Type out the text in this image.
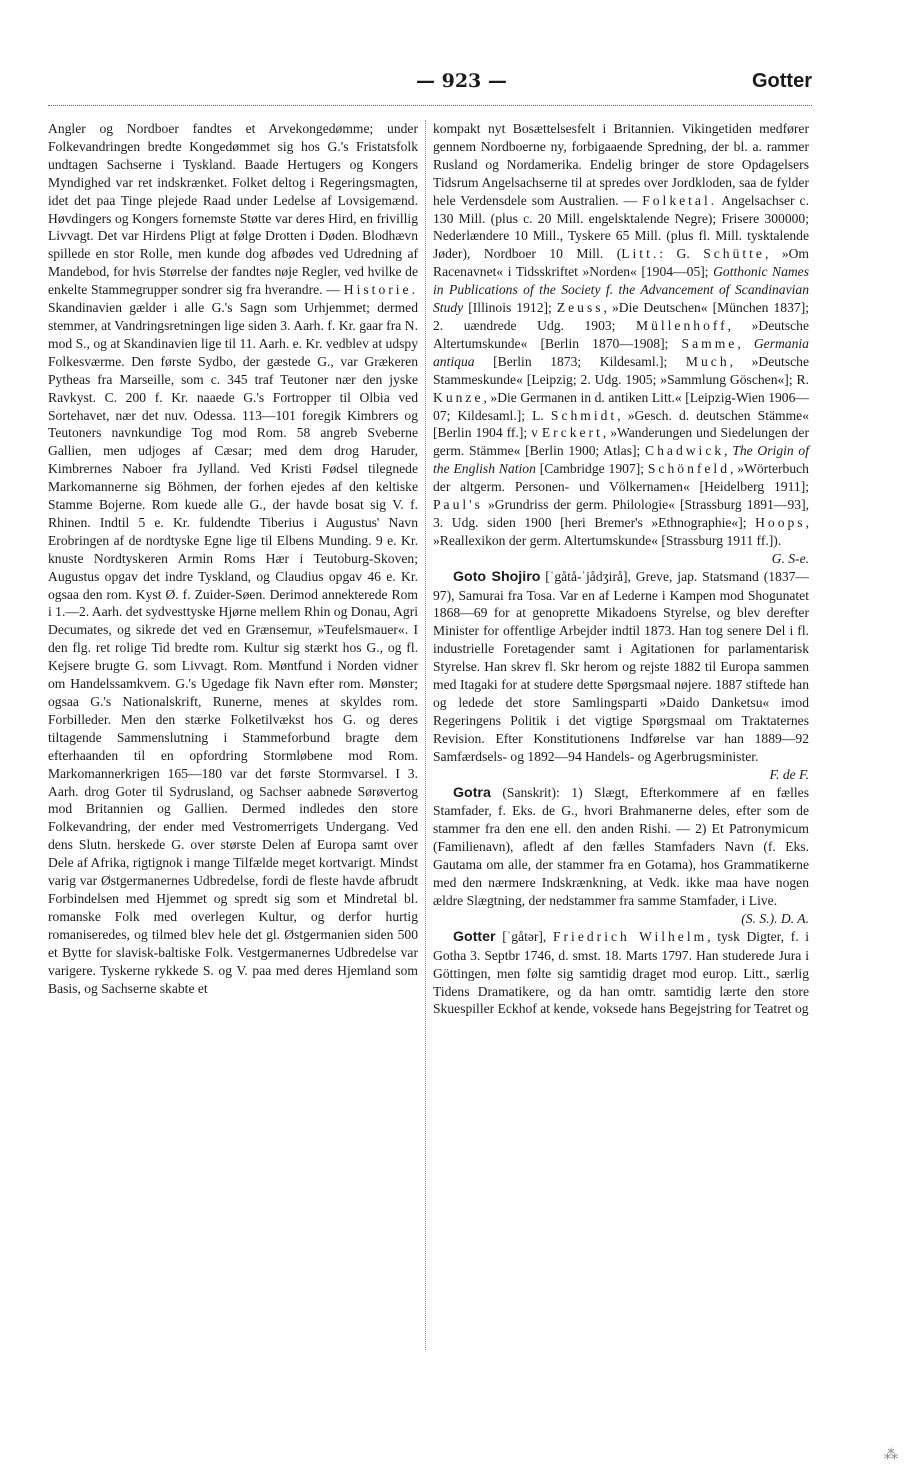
— 923 —	Gotter

Angler og Nordboer fandtes et Arvekongedømme; under Folkevandringen bredte Kongedømmet sig hos G.'s Fristatsfolk undtagen Sachserne i Tyskland. Baade Hertugers og Kongers Myndighed var ret indskrænket. Folket deltog i Regeringsmagten, idet det paa Tinge plejede Raad under Ledelse af Lovsigemænd. Høvdingers og Kongers fornemste Støtte var deres Hird, en frivillig Livvagt. Det var Hirdens Pligt at følge Drotten i Døden. Blodhævn spillede en stor Rolle, men kunde dog afbødes ved Udredning af Mandebod, for hvis Størrelse der fandtes nøje Regler, ved hvilke de enkelte Stammegrupper sondrer sig fra hverandre. — Historie. Skandinavien gælder i alle G.'s Sagn som Urhjemmet; dermed stemmer, at Vandringsretningen lige siden 3. Aarh. f. Kr. gaar fra N. mod S., og at Skandinavien lige til 11. Aarh. e. Kr. vedblev at udspy Folkesværme. Den første Sydbo, der gæstede G., var Grækeren Pytheas fra Marseille, som c. 345 traf Teutoner nær den jyske Ravkyst. C. 200 f. Kr. naaede G.'s Fortropper til Olbia ved Sortehavet, nær det nuv. Odessa. 113—101 foregik Kimbrers og Teutoners navnkundige Tog mod Rom. 58 angreb Sveberne Gallien, men udjoges af Cæsar; med dem drog Haruder, Kimbrernes Naboer fra Jylland. Ved Kristi Fødsel tilegnede Markomannerne sig Böhmen, der forhen ejedes af den keltiske Stamme Bojerne. Rom kuede alle G., der havde bosat sig V. f. Rhinen. Indtil 5 e. Kr. fuldendte Tiberius i Augustus' Navn Erobringen af de nordtyske Egne lige til Elbens Munding. 9 e. Kr. knuste Nordtyskeren Armin Roms Hær i Teutoburg-Skoven; Augustus opgav det indre Tyskland, og Claudius opgav 46 e. Kr. ogsaa den rom. Kyst Ø. f. Zuider-Søen. Derimod annekterede Rom i 1.—2. Aarh. det sydvesttyske Hjørne mellem Rhin og Donau, Agri Decumates, og sikrede det ved en Grænsemur, »Teufelsmauer«. I den flg. ret rolige Tid bredte rom. Kultur sig stærkt hos G., og fl. Kejsere brugte G. som Livvagt. Rom. Møntfund i Norden vidner om Handelssamkvem. G.'s Ugedage fik Navn efter rom. Mønster; ogsaa G.'s Nationalskrift, Runerne, menes at skyldes rom. Forbilleder. Men den stærke Folketilvækst hos G. og deres tiltagende Sammenslutning i Stammeforbund bragte dem efterhaanden til en opfordring Stormløbene mod Rom. Markomannerkrigen 165—180 var det første Stormvarsel. I 3. Aarh. drog Goter til Sydrusland, og Sachser aabnede Sørøvertog mod Britannien og Gallien. Dermed indledes den store Folkevandring, der ender med Vestromerrigets Undergang. Ved dens Slutn. herskede G. over største Delen af Europa samt over Dele af Afrika, rigtignok i mange Tilfælde meget kortvarigt. Mindst varig var Østgermanernes Udbredelse, fordi de fleste havde afbrudt Forbindelsen med Hjemmet og spredt sig som et Mindretal bl. romanske Folk med overlegen Kultur, og derfor hurtig romaniseredes, og tilmed blev hele det gl. Østgermanien siden 500 et Bytte for slavisk-baltiske Folk. Vestgermanernes Udbredelse var varigere. Tyskerne rykkede S. og V. paa med deres Hjemland som Basis, og Sachserne skabte et

kompakt nyt Bosættelsesfelt i Britannien. Vikingetiden medfører gennem Nordboerne ny, forbigaaende Spredning, der bl. a. rammer Rusland og Nordamerika. Endelig bringer de store Opdagelsers Tidsrum Angelsachserne til at spredes over Jordkloden, saa de fylder hele Verdensdele som Australien. — Folketal. Angelsachser c. 130 Mill. (plus c. 20 Mill. engelsktalende Negre); Frisere 300000; Nederlændere 10 Mill., Tyskere 65 Mill. (plus fl. Mill. tysktalende Jøder), Nordboer 10 Mill. (Litt.: G. Schütte, »Om Racenavnet« i Tidsskriftet »Norden« [1904—05]; Gotthonic Names in Publications of the Society f. the Advancement of Scandinavian Study [Illinois 1912]; Zeuss, »Die Deutschen« [München 1837]; 2. uændrede Udg. 1903; Müllenhoff, »Deutsche Altertumskunde« [Berlin 1870—1908]; Samme, Germania antiqua [Berlin 1873; Kildesaml.]; Much, »Deutsche Stammeskunde« [Leipzig; 2. Udg. 1905; »Sammlung Göschen«]; R. Kunze, »Die Germanen in d. antiken Litt.« [Leipzig-Wien 1906—07; Kildesaml.]; L. Schmidt, »Gesch. d. deutschen Stämme« [Berlin 1904 ff.]; v Erckert, »Wanderungen und Siedelungen der germ. Stämme« [Berlin 1900; Atlas]; Chadwick, The Origin of the English Nation [Cambridge 1907]; Schönfeld, »Wörterbuch der altgerm. Personen- und Völkernamen« [Heidelberg 1911]; Paul's »Grundriss der germ. Philologie« [Strassburg 1891—93], 3. Udg. siden 1900 [heri Bremer's »Ethnographie«]; Hoops, »Reallexikon der germ. Altertumskunde« [Strassburg 1911 ff.]).
G. S-e.

Goto Shojiro [ˈgåtå-ˈjådʒirå], Greve, jap. Statsmand (1837—97), Samurai fra Tosa. Var en af Lederne i Kampen mod Shogunatet 1868—69 for at genoprette Mikadoens Styrelse, og blev derefter Minister for offentlige Arbejder indtil 1873. Han tog senere Del i fl. industrielle Foretagender samt i Agitationen for parlamentarisk Styrelse. Han skrev fl. Skr herom og rejste 1882 til Europa sammen med Itagaki for at studere dette Spørgsmaal nøjere. 1887 stiftede han og ledede det store Samlingsparti »Daido Danketsu« imod Regeringens Politik i det vigtige Spørgsmaal om Traktaternes Revision. Efter Konstitutionens Indførelse var han 1889—92 Samfærdsels- og 1892—94 Handels- og Agerbrugsminister.
F. de F.

Gotra (Sanskrit): 1) Slægt, Efterkommere af en fælles Stamfader, f. Eks. de G., hvori Brahmanerne deles, efter som de stammer fra den ene ell. den anden Rishi. — 2) Et Patronymicum (Familienavn), afledt af den fælles Stamfaders Navn (f. Eks. Gautama om alle, der stammer fra en Gotama), hos Grammatikerne med den nærmere Indskrænkning, at Vedk. ikke maa have nogen ældre Slægtning, der nedstammer fra samme Stamfader, i Live.
(S. S.). D. A.

Gotter [ˈgåtər], Friedrich Wilhelm, tysk Digter, f. i Gotha 3. Septbr 1746, d. smst. 18. Marts 1797. Han studerede Jura i Göttingen, men følte sig samtidig draget mod europ. Litt., særlig Tidens Dramatikere, og da han omtr. samtidig lærte den store Skuespiller Eckhof at kende, voksede hans Begejstring for Teatret og

⁂
